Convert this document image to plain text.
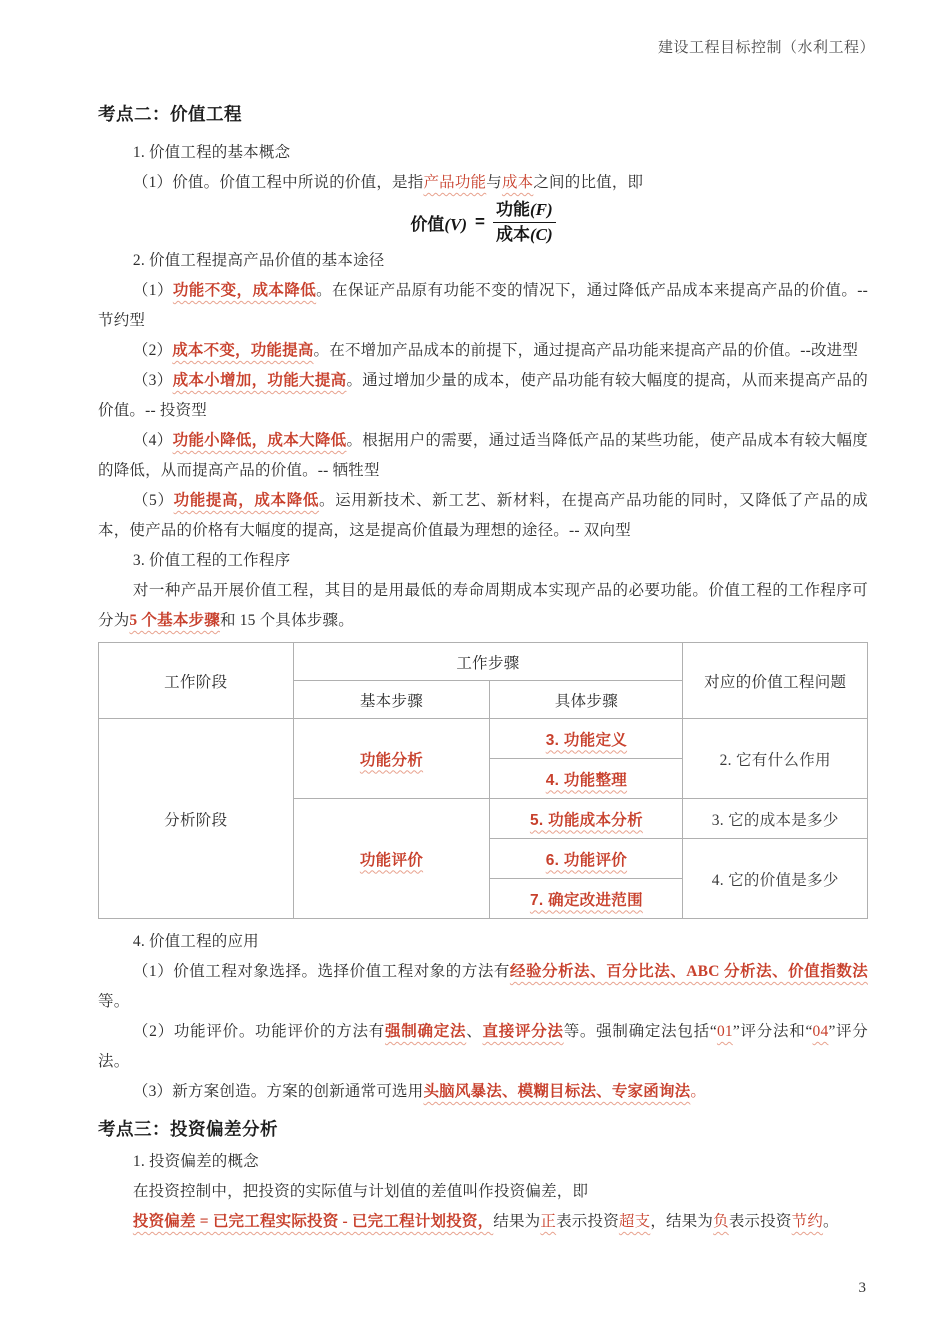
建设工程目标控制（水利工程）
考点二：价值工程

1. 价值工程的基本概念

（1）价值。价值工程中所说的价值，是指产品功能与成本之间的比值，即

价值$(V) = \frac{\text{功能(F)}}{\text{成本(C)}}$

2. 价值工程提高产品价值的基本途径

（1）功能不变，成本降低。在保证产品原有功能不变的情况下，通过降低产品成本来提高产品的价值。--节约型

（2）成本不变，功能提高。在不增加产品成本的前提下，通过提高产品功能来提高产品的价值。--改进型

（3）成本小增加，功能大提高。通过增加少量的成本，使产品功能有较大幅度的提高，从而来提高产品的价值。-- 投资型

（4）功能小降低，成本大降低。根据用户的需要，通过适当降低产品的某些功能，使产品成本有较大幅度的降低，从而提高产品的价值。-- 牺牲型

（5）功能提高，成本降低。运用新技术、新工艺、新材料，在提高产品功能的同时，又降低了产品的成本，使产品的价格有大幅度的提高，这是提高价值最为理想的途径。-- 双向型

3. 价值工程的工作程序

对一种产品开展价值工程，其目的是用最低的寿命周期成本实现产品的必要功能。价值工程的工作程序可分为5 个基本步骤和 15 个具体步骤。

工作阶段	工作步骤		对应的价值工程问题
	基本步骤	具体步骤	
分析阶段	功能分析	3. 功能定义	2. 它有什么作用
		4. 功能整理	
	功能评价	5. 功能成本分析	3. 它的成本是多少
		6. 功能评价	4. 它的价值是多少
		7. 确定改进范围	

4. 价值工程的应用

（1）价值工程对象选择。选择价值工程对象的方法有经验分析法、百分比法、ABC 分析法、价值指数法等。

（2）功能评价。功能评价的方法有强制确定法、直接评分法等。强制确定法包括“01”评分法和“04”评分法。

（3）新方案创造。方案的创新通常可选用头脑风暴法、模糊目标法、专家函询法。

考点三：投资偏差分析

1. 投资偏差的概念

在投资控制中，把投资的实际值与计划值的差值叫作投资偏差，即

投资偏差 = 已完工程实际投资 - 已完工程计划投资，结果为正表示投资超支，结果为负表示投资节约。

3
